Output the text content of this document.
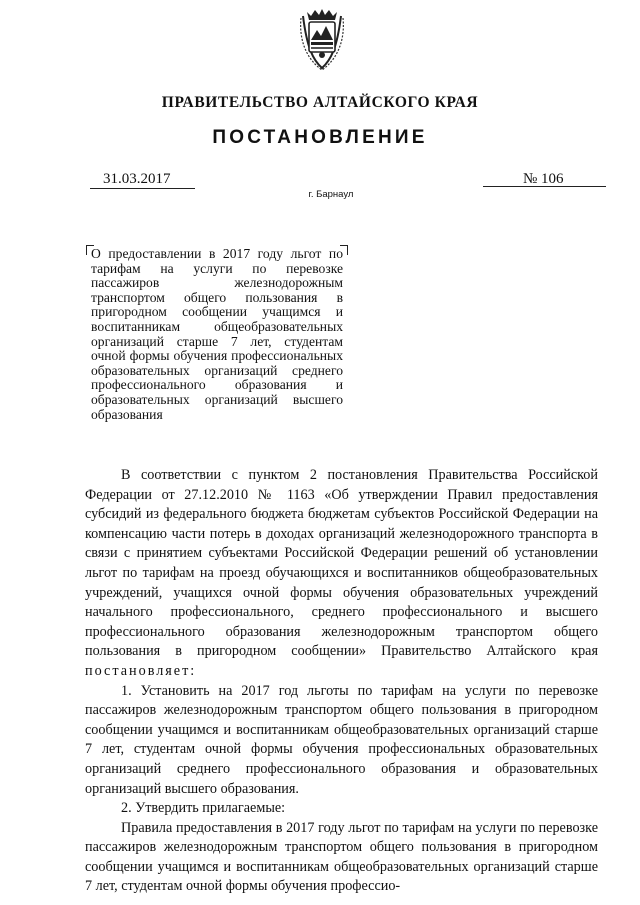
ПРАВИТЕЛЬСТВО АЛТАЙСКОГО КРАЯ
ПОСТАНОВЛЕНИЕ
31.03.2017	№ 106
г. Барнаул
О предоставлении в 2017 году льгот по тарифам на услуги по перевозке пассажиров железнодорожным транспортом общего пользования в пригородном сообщении учащимся и воспитанникам общеобразовательных организаций старше 7 лет, студентам очной формы обучения профессиональных образовательных организаций среднего профессионального образования и образовательных организаций высшего образования

В соответствии с пунктом 2 постановления Правительства Российской Федерации от 27.12.2010 № 1163 «Об утверждении Правил предоставления субсидий из федерального бюджета бюджетам субъектов Российской Федерации на компенсацию части потерь в доходах организаций железнодорожного транспорта в связи с принятием субъектами Российской Федерации решений об установлении льгот по тарифам на проезд обучающихся и воспитанников общеобразовательных учреждений, учащихся очной формы обучения образовательных учреждений начального профессионального, среднего профессионального и высшего профессионального образования железнодорожным транспортом общего пользования в пригородном сообщении» Правительство Алтайского края постановляет:

1. Установить на 2017 год льготы по тарифам на услуги по перевозке пассажиров железнодорожным транспортом общего пользования в пригородном сообщении учащимся и воспитанникам общеобразовательных организаций старше 7 лет, студентам очной формы обучения профессиональных образовательных организаций среднего профессионального образования и образовательных организаций высшего образования.

2. Утвердить прилагаемые:

Правила предоставления в 2017 году льгот по тарифам на услуги по перевозке пассажиров железнодорожным транспортом общего пользования в пригородном сообщении учащимся и воспитанникам общеобразовательных организаций старше 7 лет, студентам очной формы обучения профессио-
